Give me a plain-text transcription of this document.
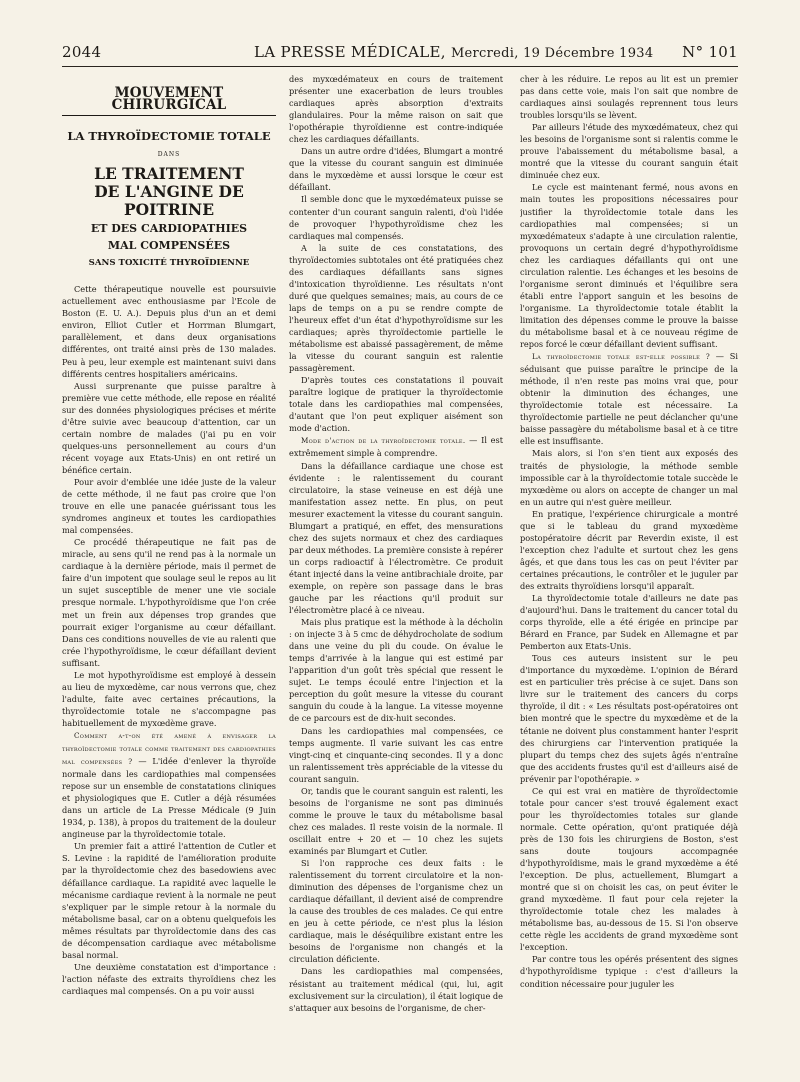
2044	LA PRESSE MÉDICALE, Mercredi, 19 Décembre 1934 N° 101
MOUVEMENT CHIRURGICAL
LA THYROÏDECTOMIE TOTALE
DANS
LE TRAITEMENT
DE L'ANGINE DE POITRINE
ET DES CARDIOPATHIES
MAL COMPENSÉES
SANS TOXICITÉ THYROÏDIENNE

Cette thérapeutique nouvelle est poursuivie actuellement avec enthousiasme par l'Ecole de Boston (E. U. A.). Depuis plus d'un an et demi environ, Elliot Cutler et Horrman Blumgart, parallèlement, et dans deux organisations différentes, ont traité ainsi près de 130 malades. Peu à peu, leur exemple est maintenant suivi dans différents centres hospitaliers américains.

Aussi surprenante que puisse paraître à première vue cette méthode, elle repose en réalité sur des données physiologiques précises et mérite d'être suivie avec beaucoup d'attention, car un certain nombre de malades (j'ai pu en voir quelques-uns personnellement au cours d'un récent voyage aux Etats-Unis) en ont retiré un bénéfice certain.

Pour avoir d'emblée une idée juste de la valeur de cette méthode, il ne faut pas croire que l'on trouve en elle une panacée guérissant tous les syndromes angineux et toutes les cardiopathies mal compensées.

Ce procédé thérapeutique ne fait pas de miracle, au sens qu'il ne rend pas à la normale un cardiaque à la dernière période, mais il permet de faire d'un impotent que soulage seul le repos au lit un sujet susceptible de mener une vie sociale presque normale. L'hypothyroïdisme que l'on crée met un frein aux dépenses trop grandes que pourrait exiger l'organisme au cœur défaillant. Dans ces conditions nouvelles de vie au ralenti que crée l'hypothyroïdisme, le cœur défaillant devient suffisant.

Le mot hypothyroïdisme est employé à dessein au lieu de myxœdème, car nous verrons que, chez l'adulte, faite avec certaines précautions, la thyroïdectomie totale ne s'accompagne pas habituellement de myxœdème grave.

Comment a-t-on été amené à envisager la thyroïdectomie totale comme traitement des cardiopathies mal compensées ? — L'idée d'enlever la thyroïde normale dans les cardiopathies mal compensées repose sur un ensemble de constatations cliniques et physiologiques que E. Cutler a déjà résumées dans un article de La Presse Médicale (9 Juin 1934, p. 138), à propos du traitement de la douleur angineuse par la thyroïdectomie totale.

Un premier fait a attiré l'attention de Cutler et S. Levine : la rapidité de l'amélioration produite par la thyroïdectomie chez des basedowiens avec défaillance cardiaque. La rapidité avec laquelle le mécanisme cardiaque revient à la normale ne peut s'expliquer par le simple retour à la normale du métabolisme basal, car on a obtenu quelquefois les mêmes résultats par thyroïdectomie dans des cas de décompensation cardiaque avec métabolisme basal normal.

Une deuxième constatation est d'importance : l'action néfaste des extraits thyroïdiens chez les cardiaques mal compensés. On a pu voir aussi

des myxœdémateux en cours de traitement présenter une exacerbation de leurs troubles cardiaques après absorption d'extraits glandulaires. Pour la même raison on sait que l'opothérapie thyroïdienne est contre-indiquée chez les cardiaques défaillants.

Dans un autre ordre d'idées, Blumgart a montré que la vitesse du courant sanguin est diminuée dans le myxœdème et aussi lorsque le cœur est défaillant.

Il semble donc que le myxœdémateux puisse se contenter d'un courant sanguin ralenti, d'où l'idée de provoquer l'hypothyroïdisme chez les cardiaques mal compensés.

A la suite de ces constatations, des thyroïdectomies subtotales ont été pratiquées chez des cardiaques défaillants sans signes d'intoxication thyroïdienne. Les résultats n'ont duré que quelques semaines; mais, au cours de ce laps de temps on a pu se rendre compte de l'heureux effet d'un état d'hypothyroïdisme sur les cardiaques; après thyroïdectomie partielle le métabolisme est abaissé passagèrement, de même la vitesse du courant sanguin est ralentie passagèrement.

D'après toutes ces constatations il pouvait paraître logique de pratiquer la thyroïdectomie totale dans les cardiopathies mal compensées, d'autant que l'on peut expliquer aisément son mode d'action.

Mode d'action de la thyroïdectomie totale. — Il est extrêmement simple à comprendre.

Dans la défaillance cardiaque une chose est évidente : le ralentissement du courant circulatoire, la stase veineuse en est déjà une manifestation assez nette. En plus, on peut mesurer exactement la vitesse du courant sanguin. Blumgart a pratiqué, en effet, des mensurations chez des sujets normaux et chez des cardiaques par deux méthodes. La première consiste à repérer un corps radioactif à l'électromètre. Ce produit étant injecté dans la veine antibrachiale droite, par exemple, on repère son passage dans le bras gauche par les réactions qu'il produit sur l'électromètre placé à ce niveau.

Mais plus pratique est la méthode à la décholin : on injecte 3 à 5 cmc de déhydrocholate de sodium dans une veine du pli du coude. On évalue le temps d'arrivée à la langue qui est estimé par l'apparition d'un goût très spécial que ressent le sujet. Le temps écoulé entre l'injection et la perception du goût mesure la vitesse du courant sanguin du coude à la langue. La vitesse moyenne de ce parcours est de dix-huit secondes.

Dans les cardiopathies mal compensées, ce temps augmente. Il varie suivant les cas entre vingt-cinq et cinquante-cinq secondes. Il y a donc un ralentissement très appréciable de la vitesse du courant sanguin.

Or, tandis que le courant sanguin est ralenti, les besoins de l'organisme ne sont pas diminués comme le prouve le taux du métabolisme basal chez ces malades. Il reste voisin de la normale. Il oscillait entre + 20 et — 10 chez les sujets examinés par Blumgart et Cutler.

Si l'on rapproche ces deux faits : le ralentissement du torrent circulatoire et la non-diminution des dépenses de l'organisme chez un cardiaque défaillant, il devient aisé de comprendre la cause des troubles de ces malades. Ce qui entre en jeu à cette période, ce n'est plus la lésion cardiaque, mais le déséquilibre existant entre les besoins de l'organisme non changés et la circulation déficiente.

Dans les cardiopathies mal compensées, résistant au traitement médical (qui, lui, agit exclusivement sur la circulation), il était logique de s'attaquer aux besoins de l'organisme, de cher-

cher à les réduire. Le repos au lit est un premier pas dans cette voie, mais l'on sait que nombre de cardiaques ainsi soulagés reprennent tous leurs troubles lorsqu'ils se lèvent.

Par ailleurs l'étude des myxœdémateux, chez qui les besoins de l'organisme sont si ralentis comme le prouve l'abaissement du métabolisme basal, a montré que la vitesse du courant sanguin était diminuée chez eux.

Le cycle est maintenant fermé, nous avons en main toutes les propositions nécessaires pour justifier la thyroïdectomie totale dans les cardiopathies mal compensées; si un myxœdémateux s'adapte à une circulation ralentie, provoquons un certain degré d'hypothyroïdisme chez les cardiaques défaillants qui ont une circulation ralentie. Les échanges et les besoins de l'organisme seront diminués et l'équilibre sera établi entre l'apport sanguin et les besoins de l'organisme. La thyroïdectomie totale établit la limitation des dépenses comme le prouve la baisse du métabolisme basal et à ce nouveau régime de repos forcé le cœur défaillant devient suffisant.

La thyroïdectomie totale est-elle possible ? — Si séduisant que puisse paraître le principe de la méthode, il n'en reste pas moins vrai que, pour obtenir la diminution des échanges, une thyroïdectomie totale est nécessaire. La thyroïdectomie partielle ne peut déclancher qu'une baisse passagère du métabolisme basal et à ce titre elle est insuffisante.

Mais alors, si l'on s'en tient aux exposés des traités de physiologie, la méthode semble impossible car à la thyroïdectomie totale succède le myxœdème ou alors on accepte de changer un mal en un autre qui n'est guère meilleur.

En pratique, l'expérience chirurgicale a montré que si le tableau du grand myxœdème postopératoire décrit par Reverdin existe, il est l'exception chez l'adulte et surtout chez les gens âgés, et que dans tous les cas on peut l'éviter par certaines précautions, le contrôler et le juguler par des extraits thyroïdiens lorsqu'il apparaît.

La thyroïdectomie totale d'ailleurs ne date pas d'aujourd'hui. Dans le traitement du cancer total du corps thyroïde, elle a été érigée en principe par Bérard en France, par Sudek en Allemagne et par Pemberton aux Etats-Unis.

Tous ces auteurs insistent sur le peu d'importance du myxœdème. L'opinion de Bérard est en particulier très précise à ce sujet. Dans son livre sur le traitement des cancers du corps thyroïde, il dit : « Les résultats post-opératoires ont bien montré que le spectre du myxœdème et de la tétanie ne doivent plus constamment hanter l'esprit des chirurgiens car l'intervention pratiquée la plupart du temps chez des sujets âgés n'entraîne que des accidents frustes qu'il est d'ailleurs aisé de prévenir par l'opothérapie. »

Ce qui est vrai en matière de thyroïdectomie totale pour cancer s'est trouvé également exact pour les thyroïdectomies totales sur glande normale. Cette opération, qu'ont pratiquée déjà près de 130 fois les chirurgiens de Boston, s'est sans doute toujours accompagnée d'hypothyroïdisme, mais le grand myxœdème a été l'exception. De plus, actuellement, Blumgart a montré que si on choisit les cas, on peut éviter le grand myxœdème. Il faut pour cela rejeter la thyroïdectomie totale chez les malades à métabolisme bas, au-dessous de 15. Si l'on observe cette règle les accidents de grand myxœdème sont l'exception.

Par contre tous les opérés présentent des signes d'hypothyroïdisme typique : c'est d'ailleurs la condition nécessaire pour juguler les
